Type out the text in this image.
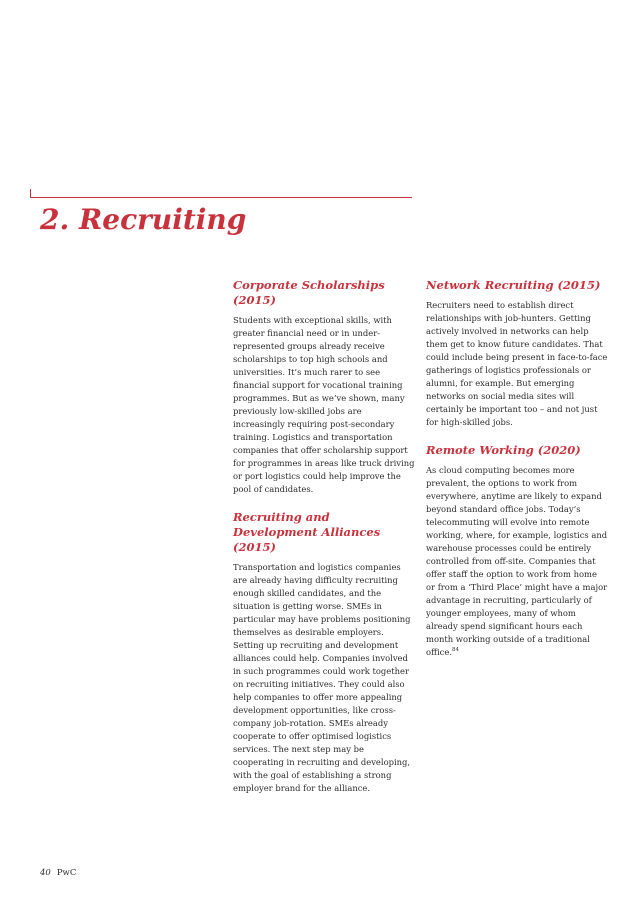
2. Recruiting
Corporate Scholarships (2015)

Students with exceptional skills, with greater financial need or in under-represented groups already receive scholarships to top high schools and universities. It’s much rarer to see financial support for vocational training programmes. But as we’ve shown, many previously low-skilled jobs are increasingly requiring post-secondary training. Logistics and transportation companies that offer scholarship support for programmes in areas like truck driving or port logistics could help improve the pool of candidates.

Recruiting and Development Alliances (2015)

Transportation and logistics companies are already having difficulty recruiting enough skilled candidates, and the situation is getting worse. SMEs in particular may have problems positioning themselves as desirable employers. Setting up recruiting and development alliances could help. Companies involved in such programmes could work together on recruiting initiatives. They could also help companies to offer more appealing development opportunities, like cross-company job-rotation. SMEs already cooperate to offer optimised logistics services. The next step may be cooperating in recruiting and developing, with the goal of establishing a strong employer brand for the alliance.

Network Recruiting (2015)

Recruiters need to establish direct relationships with job-hunters. Getting actively involved in networks can help them get to know future candidates. That could include being present in face-to-face gatherings of logistics professionals or alumni, for example. But emerging networks on social media sites will certainly be important too – and not just for high-skilled jobs.

Remote Working (2020)

As cloud computing becomes more prevalent, the options to work from everywhere, anytime are likely to expand beyond standard office jobs. Today’s telecommuting will evolve into remote working, where, for example, logistics and warehouse processes could be entirely controlled from off-site. Companies that offer staff the option to work from home or from a ‘Third Place’ might have a major advantage in recruiting, particularly of younger employees, many of whom already spend significant hours each month working outside of a traditional office.$^{84}$

40 PwC
